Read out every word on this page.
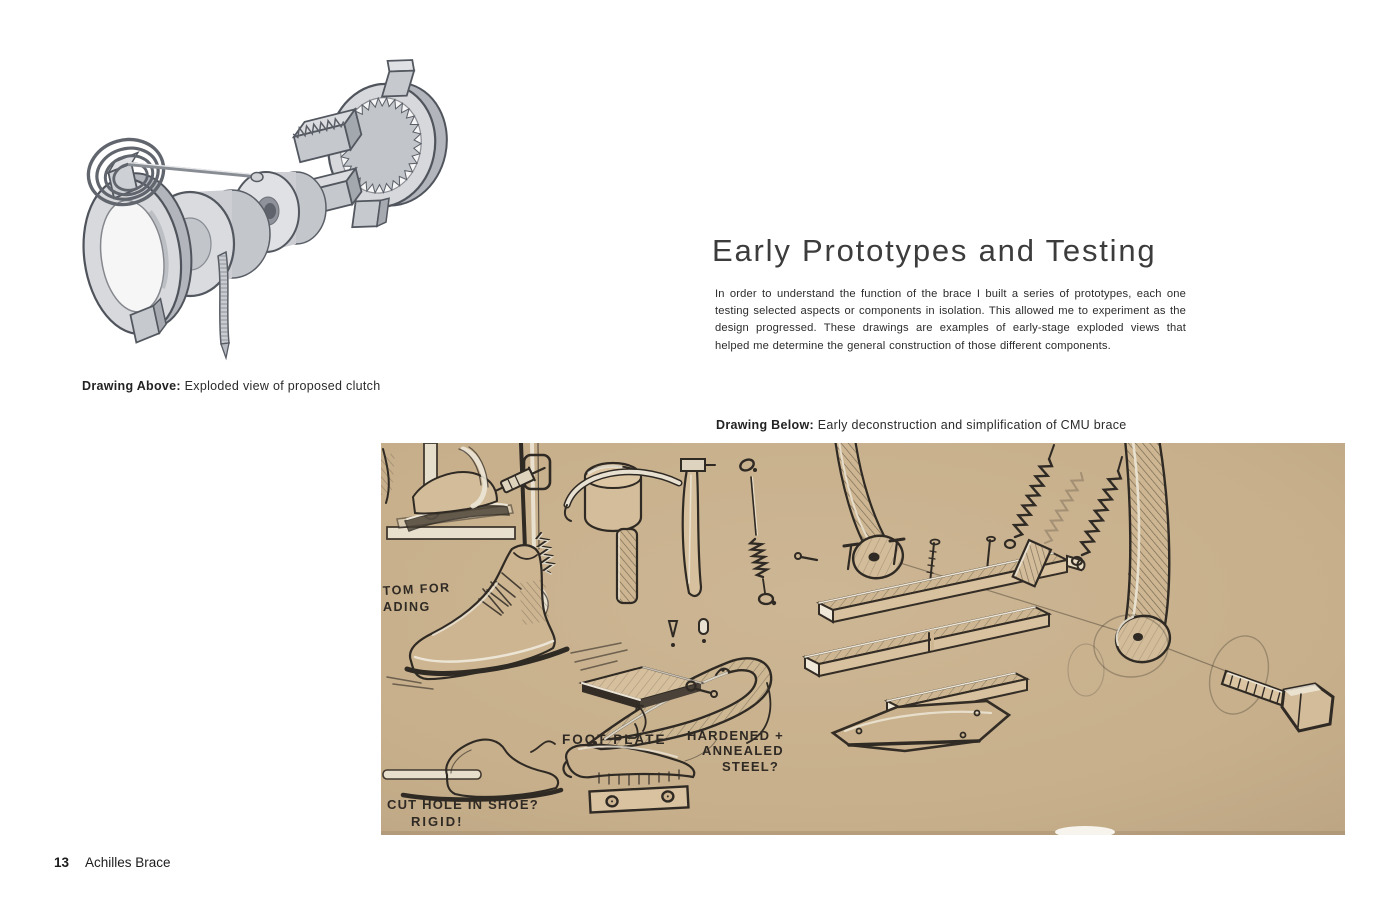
Drawing Above: Exploded view of proposed clutch
Early Prototypes and Testing
In order to understand the function of the brace I built a series of prototypes, each one testing selected aspects or components in isolation. This allowed me to experiment as the design progressed. These drawings are examples of early-stage exploded views that helped me determine the general construction of those different components.
Drawing Below: Early deconstruction and simplification of CMU brace
TOM FOR
ADING
CUT HOLE IN SHOE?
RIGID!
FOOT PLATE HARDENED +
ANNEALED
STEEL?
13 Achilles Brace
